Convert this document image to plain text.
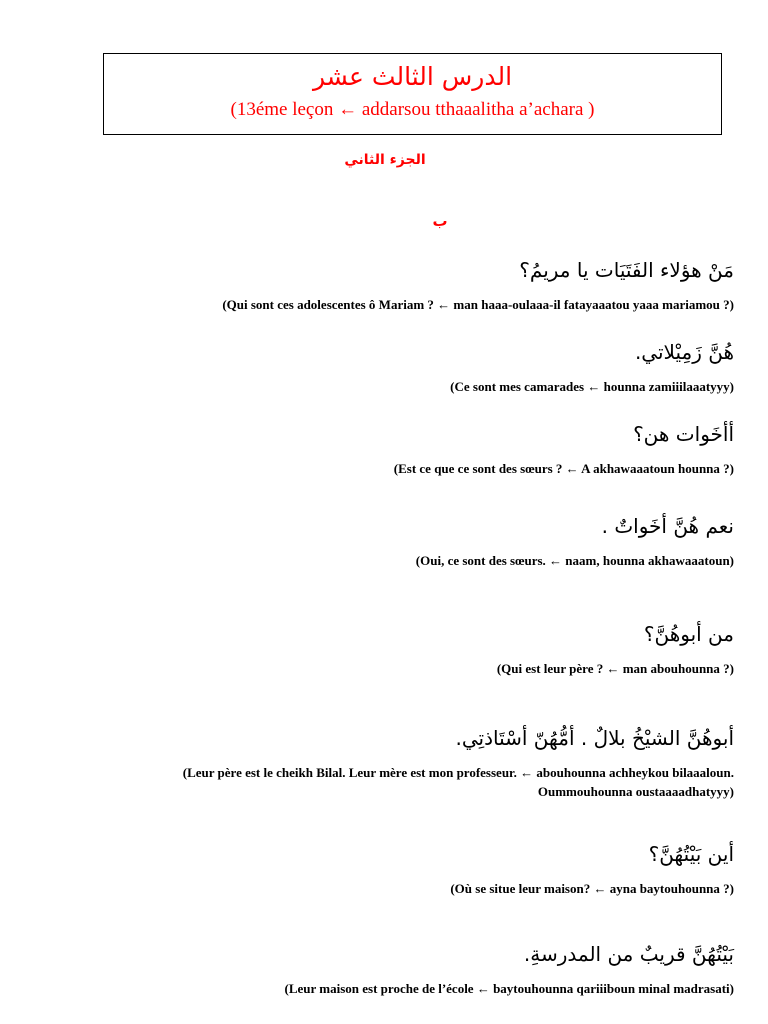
الدرس الثالث عشر
(13éme leçon ← addarsou tthaaalitha a’achara )
الجزء الثاني
ب
مَنْ هؤلاء الفَتَيَات يا مريمُ؟
(Qui sont ces adolescentes ô Mariam ? ← man haaa-oulaaa-il fatayaaatou yaaa mariamou ?)
هُنَّ زَمِيْلاتي.
(Ce sont mes camarades ← hounna zamiiilaaatyyy)
أأخَوات هن؟
(Est ce que ce sont des sœurs ? ← A akhawaaatoun hounna ?)
نعم هُنَّ أخَواتٌ .
(Oui, ce sont des sœurs. ← naam, hounna akhawaaatoun)
من أبوهُنَّ؟
(Qui est leur père ? ← man abouhounna ?)
أبوهُنَّ الشيْخُ بلالٌ . أمُّهُنّ أسْتَاذتِي.
(Leur père est le cheikh Bilal. Leur mère est mon professeur. ← abouhounna achheykou bilaaaloun. Oummouhounna oustaaaadhatyyy)
أين بَيْتُهُنَّ؟
(Où se situe leur maison? ← ayna baytouhounna ?)
بَيْتُهُنَّ قريبٌ من المدرسةِ.
(Leur maison est proche de l’école ← baytouhounna qariiiboun minal madrasati)
